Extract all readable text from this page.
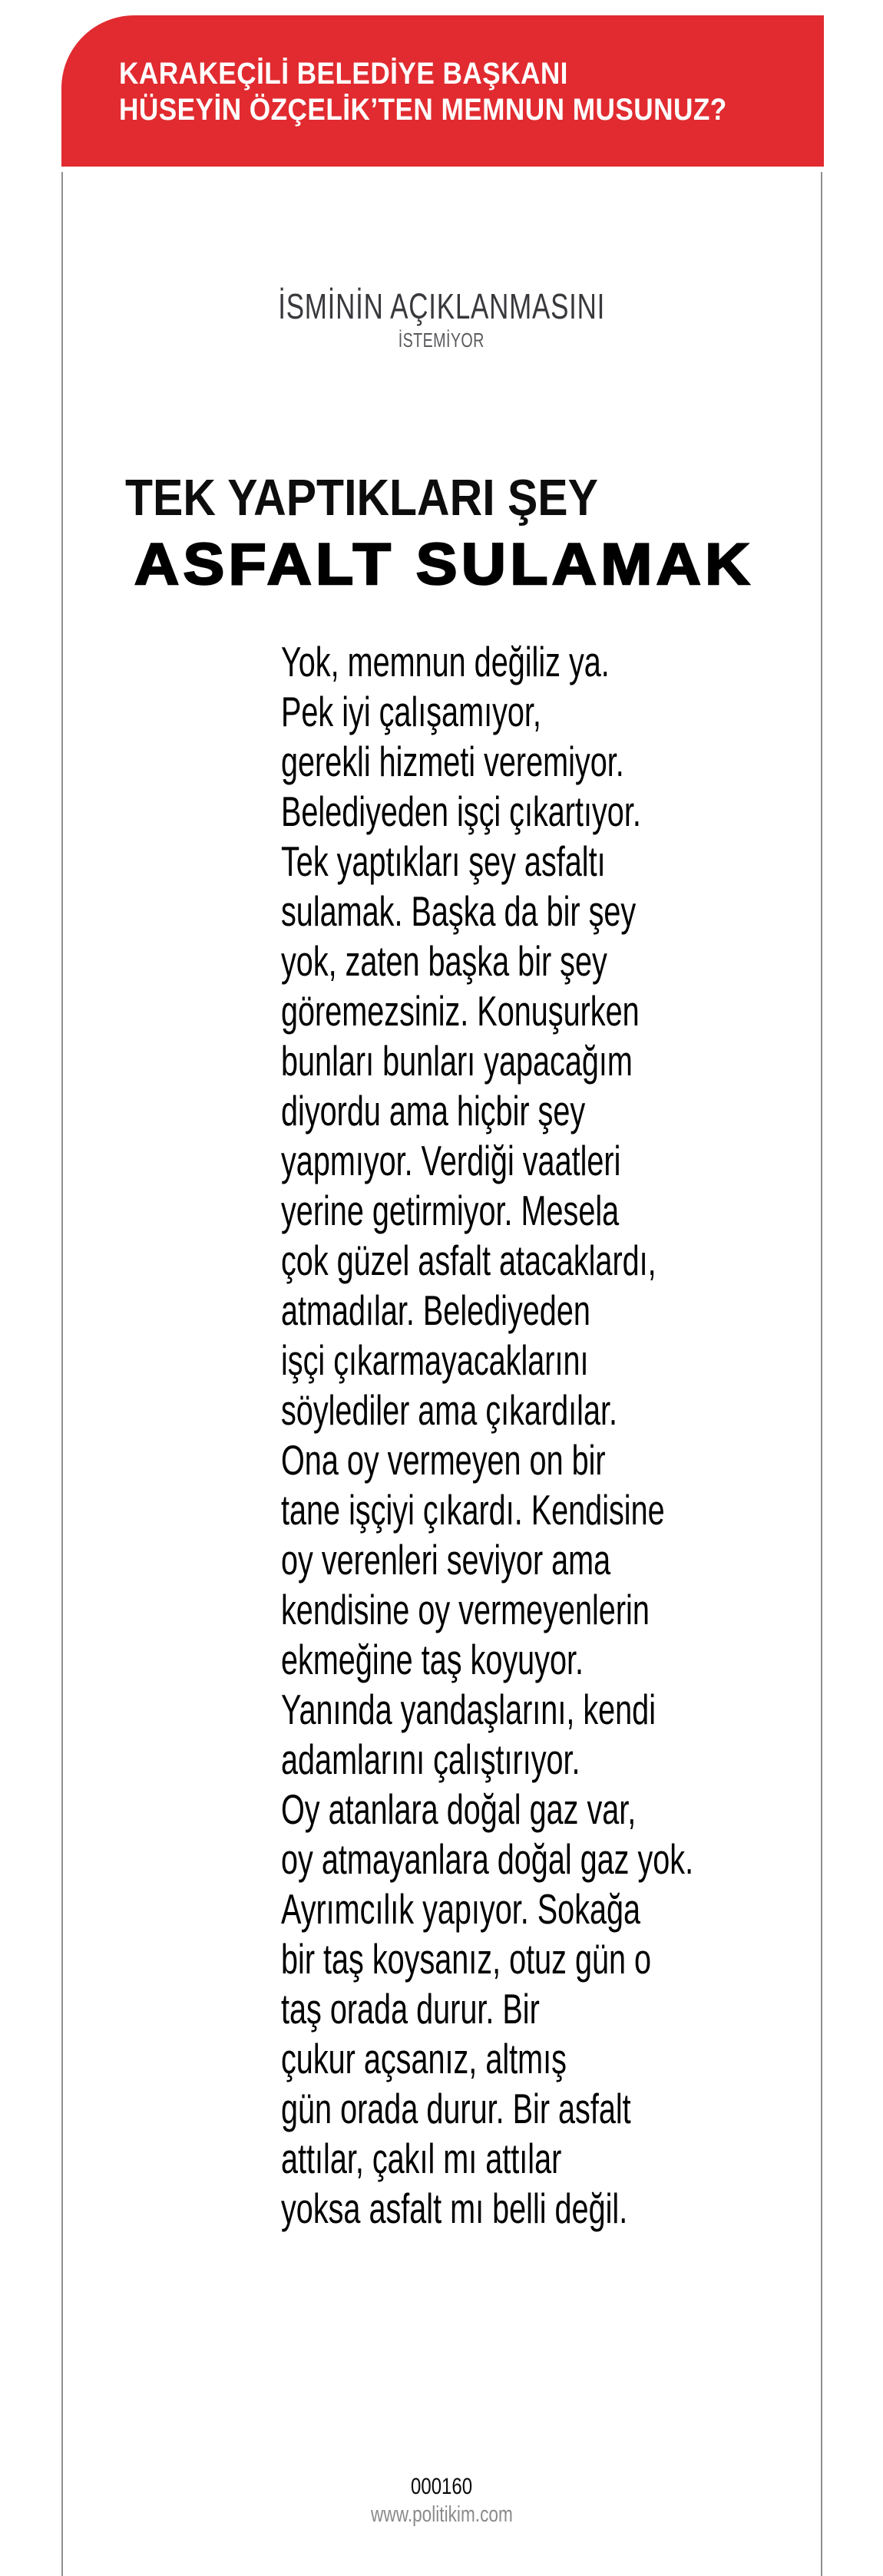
KARAKEÇİLİ BELEDİYE BAŞKANI
HÜSEYİN ÖZÇELİK’TEN MEMNUN MUSUNUZ?
İSMİNİN AÇIKLANMASINI
İSTEMİYOR
TEK YAPTIKLARI ŞEY
ASFALT SULAMAK
Yok, memnun değiliz ya.
Pek iyi çalışamıyor,
gerekli hizmeti veremiyor.
Belediyeden işçi çıkartıyor.
Tek yaptıkları şey asfaltı
sulamak. Başka da bir şey
yok, zaten başka bir şey
göremezsiniz. Konuşurken
bunları bunları yapacağım
diyordu ama hiçbir şey
yapmıyor. Verdiği vaatleri
yerine getirmiyor. Mesela
çok güzel asfalt atacaklardı,
atmadılar. Belediyeden
işçi çıkarmayacaklarını
söylediler ama çıkardılar.
Ona oy vermeyen on bir
tane işçiyi çıkardı. Kendisine
oy verenleri seviyor ama
kendisine oy vermeyenlerin
ekmeğine taş koyuyor.
Yanında yandaşlarını, kendi
adamlarını çalıştırıyor.
Oy atanlara doğal gaz var,
oy atmayanlara doğal gaz yok.
Ayrımcılık yapıyor. Sokağa
bir taş koysanız, otuz gün o
taş orada durur. Bir
çukur açsanız, altmış
gün orada durur. Bir asfalt
attılar, çakıl mı attılar
yoksa asfalt mı belli değil.
000160
www.politikim.com
